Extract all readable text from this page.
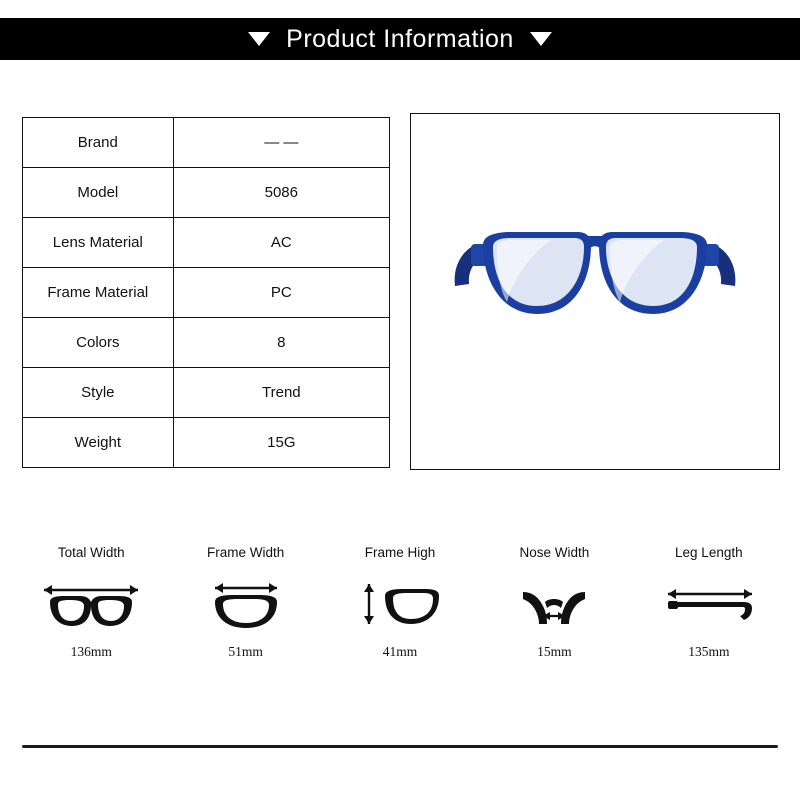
Product Information
Brand	— —
Model	5086
Lens Material	AC
Frame Material	PC
Colors	8
Style	Trend
Weight	15G
Total Width
136mm
Frame Width
51mm
Frame High
41mm
Nose Width
15mm
Leg Length
135mm
